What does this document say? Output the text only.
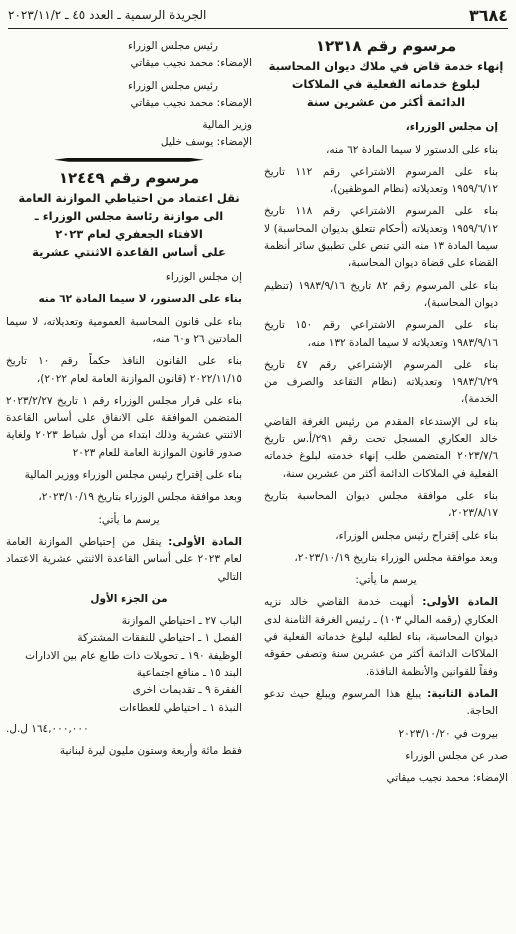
٣٦٨٤
الجريدة الرسمية ـ العدد ٤٥ ـ ٢٠٢٣/١١/٢

مرسوم رقم ١٢٣١٨

إنهاء خدمة قاض في ملاك ديوان المحاسبة

لبلوغ خدماته الفعلية في الملاكات

الدائمة أكثر من عشرين سنة

إن مجلس الوزراء،

بناء على الدستور لا سيما المادة ٦٢ منه،

بناء على المرسوم الاشتراعي رقم ١١٢ تاريخ ١٩٥٩/٦/١٢ وتعديلاته (نظام الموظفين)،

بناء على المرسوم الاشتراعي رقم ١١٨ تاريخ ١٩٥٩/٦/١٢ وتعديلاته (أحكام تتعلق بديوان المحاسبة) لا سيما المادة ١٣ منه التي تنص على تطبيق سائر أنظمة القضاء على قضاة ديوان المحاسبة،

بناء على المرسوم رقم ٨٢ تاريخ ١٩٨٣/٩/١٦ (تنظيم ديوان المحاسبة)،

بناء على المرسوم الاشتراعي رقم ١٥٠ تاريخ ١٩٨٣/٩/١٦ وتعديلاته لا سيما المادة ١٣٢ منه،

بناء على المرسوم الإشتراعي رقم ٤٧ تاريخ ١٩٨٣/٦/٢٩ وتعديلاته (نظام التقاعد والصرف من الخدمة)،

بناء لى الإستدعاء المقدم من رئيس الغرفة القاضي خالد العكاري المسجل تحت رقم ٢٩١/أ.س تاريخ ٢٠٢٣/٧/٦ المتضمن طلب إنهاء خدمته لبلوغ خدماته الفعلية في الملاكات الدائمة أكثر من عشرين سنة،

بناء على موافقة مجلس ديوان المحاسبة بتاريخ ٢٠٢٣/٨/١٧،

بناء على إقتراح رئيس مجلس الوزراء،

وبعد موافقة مجلس الوزراء بتاريخ ٢٠٢٣/١٠/١٩،

يرسم ما يأتي:

المادة الأولى: أنهيت خدمة القاضي خالد نزيه العكاري (رقمه المالي ١٠٣) ـ رئيس الغرفة الثامنة لدى ديوان المحاسبة، بناء لطلبه لبلوغ خدماته الفعلية في الملاكات الدائمة أكثر من عشرين سنة وتصفى حقوقه وفقاً للقوانين والأنظمة النافذة.

المادة الثانية: يبلغ هذا المرسوم ويبلغ حيث تدعو الحاجة.

بيروت في ٢٠٢٣/١٠/٢٠

صدر عن مجلس الوزراء

الإمضاء: محمد نجيب ميقاتي

رئيس مجلس الوزراء

الإمضاء: محمد نجيب ميقاتي

رئيس مجلس الوزراء

الإمضاء: محمد نجيب ميقاتي

وزير المالية

الإمضاء: يوسف خليل

مرسوم رقم ١٢٤٤٩

نقل اعتماد من احتياطي الموازنة العامة

الى موازنة رئاسة مجلس الوزراء ـ

الافتاء الجعفري لعام ٢٠٢٣

على أساس القاعدة الاثنتي عشرية

إن مجلس الوزراء

بناء على الدستور، لا سيما المادة ٦٢ منه

بناء على قانون المحاسبة العمومية وتعديلاته، لا سيما المادتين ٢٦ و٦٠ منه،

بناء على القانون النافذ حكماً رقم ١٠ تاريخ ٢٠٢٢/١١/١٥ (قانون الموازنة العامة لعام ٢٠٢٢)،

بناء على قرار مجلس الوزراء رقم ١ تاريخ ٢٠٢٣/٢/٢٧ المتضمن الموافقة على الانفاق على أساس القاعدة الاثنتي عشرية وذلك ابتداء من أول شباط ٢٠٢٣ ولغاية صدور قانون الموازنة العامة للعام ٢٠٢٣

بناء على إقتراح رئيس مجلس الوزراء ووزير المالية

وبعد موافقة مجلس الوزراء بتاريخ ٢٠٢٣/١٠/١٩،

يرسم ما يأتي:

المادة الأولى: ينقل من إحتياطي الموازنة العامة لعام ٢٠٢٣ على أساس القاعدة الاثنتي عشرية الاعتماد التالي

من الجزء الأول

الباب ٢٧ ـ احتياطي الموازنة

الفصل ١ ـ احتياطي للنفقات المشتركة

الوظيفة ١٩٠ ـ تحويلات ذات طابع عام بين الادارات

البند ١٥ ـ منافع اجتماعية

الفقرة ٩ ـ تقديمات اخرى

النبذة ١ ـ احتياطي للعطاءات

١٦٤,٠٠٠,٠٠٠ ل.ل.

فقط مائة وأربعة وستون مليون ليرة لبنانية
